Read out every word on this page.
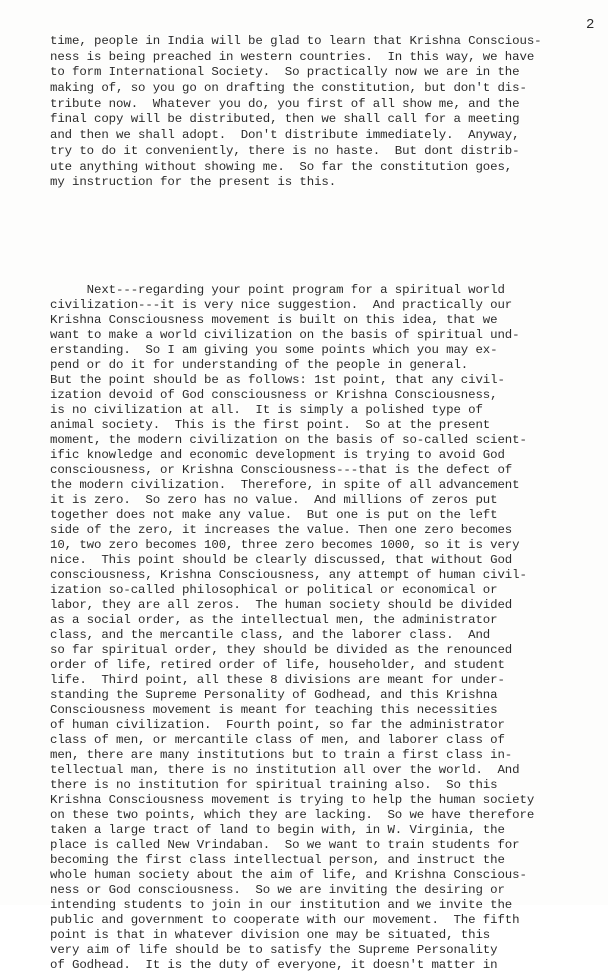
2
time, people in India will be glad to learn that Krishna Conscious-
ness is being preached in western countries.  In this way, we have
to form International Society.  So practically now we are in the
making of, so you go on drafting the constitution, but don't dis-
tribute now.  Whatever you do, you first of all show me, and the
final copy will be distributed, then we shall call for a meeting
and then we shall adopt.  Don't distribute immediately.  Anyway,
try to do it conveniently, there is no haste.  But dont distrib-
ute anything without showing me.  So far the constitution goes,
my instruction for the present is this.
Next---regarding your point program for a spiritual world
civilization---it is very nice suggestion.  And practically our
Krishna Consciousness movement is built on this idea, that we
want to make a world civilization on the basis of spiritual und-
erstanding.  So I am giving you some points which you may ex-
pend or do it for understanding of the people in general.
But the point should be as follows: 1st point, that any civil-
ization devoid of God consciousness or Krishna Consciousness,
is no civilization at all.  It is simply a polished type of
animal society.  This is the first point.  So at the present
moment, the modern civilization on the basis of so-called scient-
ific knowledge and economic development is trying to avoid God
consciousness, or Krishna Consciousness---that is the defect of
the modern civilization.  Therefore, in spite of all advancement
it is zero.  So zero has no value.  And millions of zeros put
together does not make any value.  But one is put on the left
side of the zero, it increases the value. Then one zero becomes
10, two zero becomes 100, three zero becomes 1000, so it is very
nice.  This point should be clearly discussed, that without God
consciousness, Krishna Consciousness, any attempt of human civil-
ization so-called philosophical or political or economical or
labor, they are all zeros.  The human society should be divided
as a social order, as the intellectual men, the administrator
class, and the mercantile class, and the laborer class.  And
so far spiritual order, they should be divided as the renounced
order of life, retired order of life, householder, and student
life.  Third point, all these 8 divisions are meant for under-
standing the Supreme Personality of Godhead, and this Krishna
Consciousness movement is meant for teaching this necessities
of human civilization.  Fourth point, so far the administrator
class of men, or mercantile class of men, and laborer class of
men, there are many institutions but to train a first class in-
tellectual man, there is no institution all over the world.  And
there is no institution for spiritual training also.  So this
Krishna Consciousness movement is trying to help the human society
on these two points, which they are lacking.  So we have therefore
taken a large tract of land to begin with, in W. Virginia, the
place is called New Vrindaban.  So we want to train students for
becoming the first class intellectual person, and instruct the
whole human society about the aim of life, and Krishna Conscious-
ness or God consciousness.  So we are inviting the desiring or
intending students to join in our institution and we invite the
public and government to cooperate with our movement.  The fifth
point is that in whatever division one may be situated, this
very aim of life should be to satisfy the Supreme Personality
of Godhead.  It is the duty of everyone, it doesn't matter in
